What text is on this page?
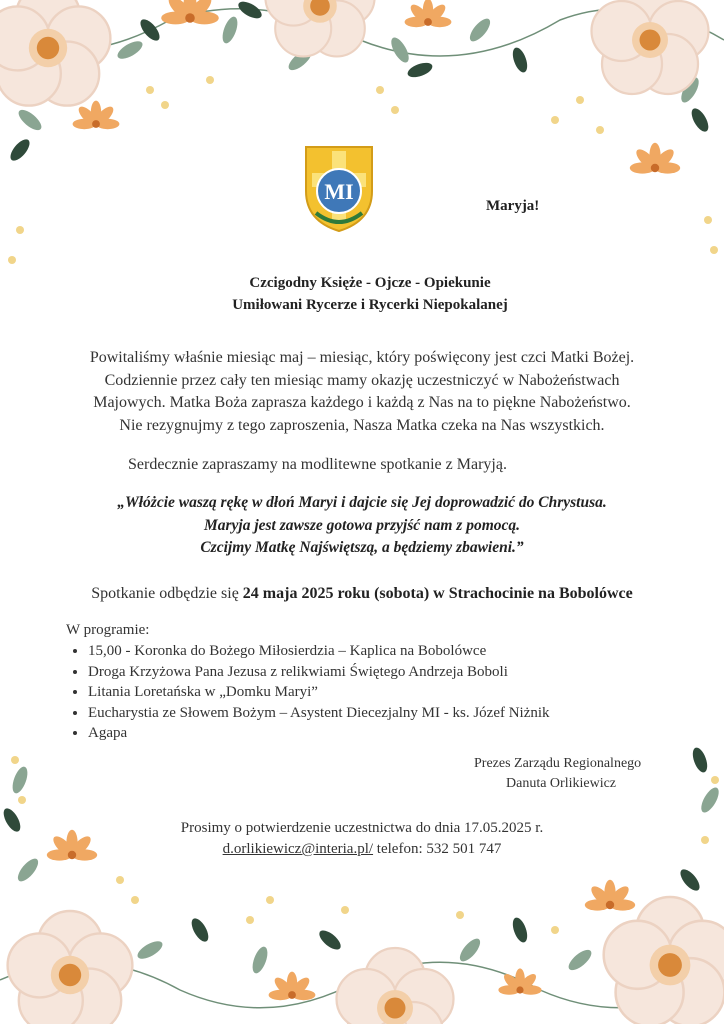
MI
Maryja!
Czcigodny Księże - Ojcze - Opiekunie
Umiłowani Rycerze i Rycerki Niepokalanej
Powitaliśmy właśnie miesiąc maj – miesiąc, który poświęcony jest czci Matki Bożej.
Codziennie przez cały ten miesiąc mamy okazję uczestniczyć w Nabożeństwach
Majowych. Matka Boża zaprasza każdego i każdą z Nas na to piękne Nabożeństwo.
Nie rezygnujmy z tego zaproszenia, Nasza Matka czeka na Nas wszystkich.
Serdecznie zapraszamy na modlitewne spotkanie z Maryją.
„Włóżcie waszą rękę w dłoń Maryi i dajcie się Jej doprowadzić do Chrystusa.
Maryja jest zawsze gotowa przyjść nam z pomocą.
Czcijmy Matkę Najświętszą, a będziemy zbawieni.”
Spotkanie odbędzie się 24 maja 2025 roku (sobota) w Strachocinie na Bobolówce
W programie:
• 15,00 - Koronka do Bożego Miłosierdzia – Kaplica na Bobolówce
• Droga Krzyżowa Pana Jezusa z relikwiami Świętego Andrzeja Boboli
• Litania Loretańska w „Domku Maryi”
• Eucharystia ze Słowem Bożym – Asystent Diecezjalny MI - ks. Józef Niżnik
• Agapa
Prezes Zarządu Regionalnego
Danuta Orlikiewicz
Prosimy o potwierdzenie uczestnictwa do dnia 17.05.2025 r.
d.orlikiewicz@interia.pl/ telefon: 532 501 747
